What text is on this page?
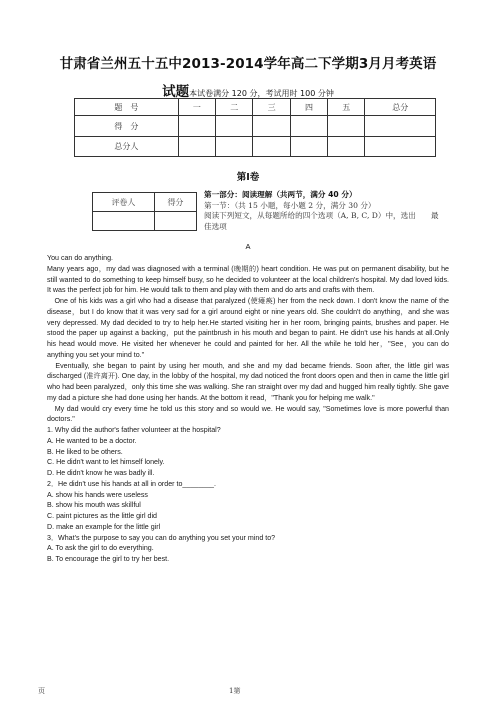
甘肃省兰州五十五中2013-2014学年高二下学期3月月考英语
试题本试卷满分 120 分，考试用时 100 分钟
题　号	一	二	三	四	五	总分
得　分						
总分人						
第Ⅰ卷
评卷人	得分

第一部分：阅读理解（共两节，满分 40 分）
第一节：（共 15 小题，每小题 2 分，满分 30 分）
阅读下列短文，从每题所给的四个选项（A, B, C, D）中，选出　　最佳选项
A

You can do anything.

Many years ago，my dad was diagnosed with a terminal (晚期的) heart condition. He was put on permanent disability, but he still wanted to do something to keep himself busy, so he decided to volunteer at the local children's hospital. My dad loved kids. It was the perfect job for him. He would talk to them and play with them and do arts and crafts with them.

　One of his kids was a girl who had a disease that paralyzed (使瘫痪) her from the neck down. I don't know the name of the disease，but I do know that it was very sad for a girl around eight or nine years old. She couldn't do anything，and she was very depressed. My dad decided to try to help her.He started visiting her in her room, bringing paints, brushes and paper. He stood the paper up against a backing，put the paintbrush in his mouth and began to paint. He didn't use his hands at all.Only his head would move. He visited her whenever he could and painted for her. All the while he told her，"See，you can do anything you set your mind to."

　Eventually, she began to paint by using her mouth, and she and my dad became friends. Soon after, the little girl was discharged (准许离开). One day, in the lobby of the hospital, my dad noticed the front doors open and then in came the little girl who had been paralyzed，only this time she was walking. She ran straight over my dad and hugged him really tightly. She gave my dad a picture she had done using her hands. At the bottom it read，"Thank you for helping me walk."

　My dad would cry every time he told us this story and so would we. He would say, "Sometimes love is more powerful than doctors."

1. Why did the author's father volunteer at the hospital?

A. He wanted to be a doctor.

B. He liked to be others.

C. He didn't want to let himself lonely.

D. He didn't know he was badly ill.

2．He didn't use his hands at all in order to________.

A. show his hands were useless

B. show his mouth was skillful

C. paint pictures as the little girl did

D. make an example for the little girl

3．What's the purpose to say you can do anything you set your mind to?

A. To ask the girl to do everything.

B. To encourage the girl to try her best.

页	1第
